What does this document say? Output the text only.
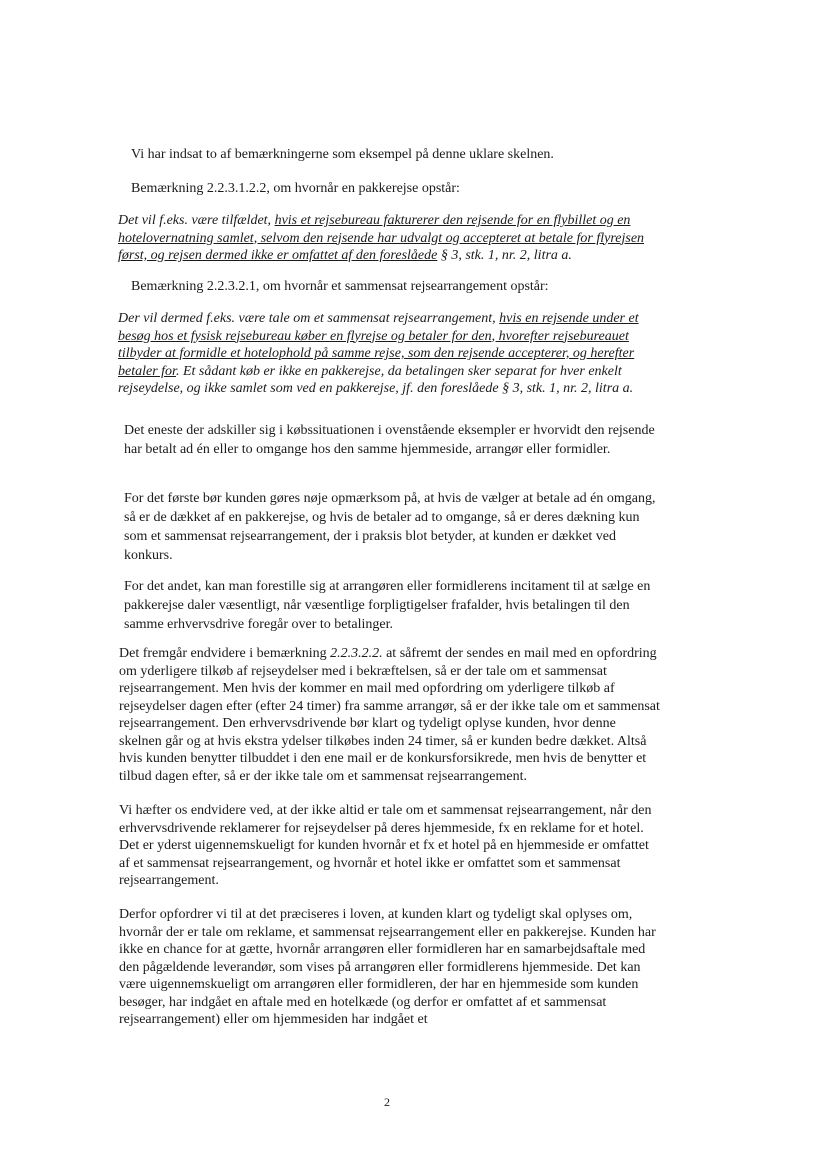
Vi har indsat to af bemærkningerne som eksempel på denne uklare skelnen.

Bemærkning 2.2.3.1.2.2, om hvornår en pakkerejse opstår:

Det vil f.eks. være tilfældet, hvis et rejsebureau fakturerer den rejsende for en flybillet og en hotelovernatning samlet, selvom den rejsende har udvalgt og accepteret at betale for flyrejsen først, og rejsen dermed ikke er omfattet af den foreslåede § 3, stk. 1, nr. 2, litra a.

Bemærkning 2.2.3.2.1, om hvornår et sammensat rejsearrangement opstår:

Der vil dermed f.eks. være tale om et sammensat rejsearrangement, hvis en rejsende under et besøg hos et fysisk rejsebureau køber en flyrejse og betaler for den, hvorefter rejsebureauet tilbyder at formidle et hotelophold på samme rejse, som den rejsende accepterer, og herefter betaler for. Et sådant køb er ikke en pakkerejse, da betalingen sker separat for hver enkelt rejseydelse, og ikke samlet som ved en pakkerejse, jf. den foreslåede § 3, stk. 1, nr. 2, litra a.

Det eneste der adskiller sig i købssituationen i ovenstående eksempler er hvorvidt den rejsende har betalt ad én eller to omgange hos den samme hjemmeside, arrangør eller formidler.

For det første bør kunden gøres nøje opmærksom på, at hvis de vælger at betale ad én omgang, så er de dækket af en pakkerejse, og hvis de betaler ad to omgange, så er deres dækning kun som et sammensat rejsearrangement, der i praksis blot betyder, at kunden er dækket ved konkurs.

For det andet, kan man forestille sig at arrangøren eller formidlerens incitament til at sælge en pakkerejse daler væsentligt, når væsentlige forpligtigelser frafalder, hvis betalingen til den samme erhvervsdrive foregår over to betalinger.

Det fremgår endvidere i bemærkning 2.2.3.2.2. at såfremt der sendes en mail med en opfordring om yderligere tilkøb af rejseydelser med i bekræftelsen, så er der tale om et sammensat rejsearrangement. Men hvis der kommer en mail med opfordring om yderligere tilkøb af rejseydelser dagen efter (efter 24 timer) fra samme arrangør, så er der ikke tale om et sammensat rejsearrangement. Den erhvervsdrivende bør klart og tydeligt oplyse kunden, hvor denne skelnen går og at hvis ekstra ydelser tilkøbes inden 24 timer, så er kunden bedre dækket. Altså hvis kunden benytter tilbuddet i den ene mail er de konkursforsikrede, men hvis de benytter et tilbud dagen efter, så er der ikke tale om et sammensat rejsearrangement.

Vi hæfter os endvidere ved, at der ikke altid er tale om et sammensat rejsearrangement, når den erhvervsdrivende reklamerer for rejseydelser på deres hjemmeside, fx en reklame for et hotel. Det er yderst uigennemskueligt for kunden hvornår et fx et hotel på en hjemmeside er omfattet af et sammensat rejsearrangement, og hvornår et hotel ikke er omfattet som et sammensat rejsearrangement.

Derfor opfordrer vi til at det præciseres i loven, at kunden klart og tydeligt skal oplyses om, hvornår der er tale om reklame, et sammensat rejsearrangement eller en pakkerejse. Kunden har ikke en chance for at gætte, hvornår arrangøren eller formidleren har en samarbejdsaftale med den pågældende leverandør, som vises på arrangøren eller formidlerens hjemmeside. Det kan være uigennemskueligt om arrangøren eller formidleren, der har en hjemmeside som kunden besøger, har indgået en aftale med en hotelkæde (og derfor er omfattet af et sammensat rejsearrangement) eller om hjemmesiden har indgået et

2
